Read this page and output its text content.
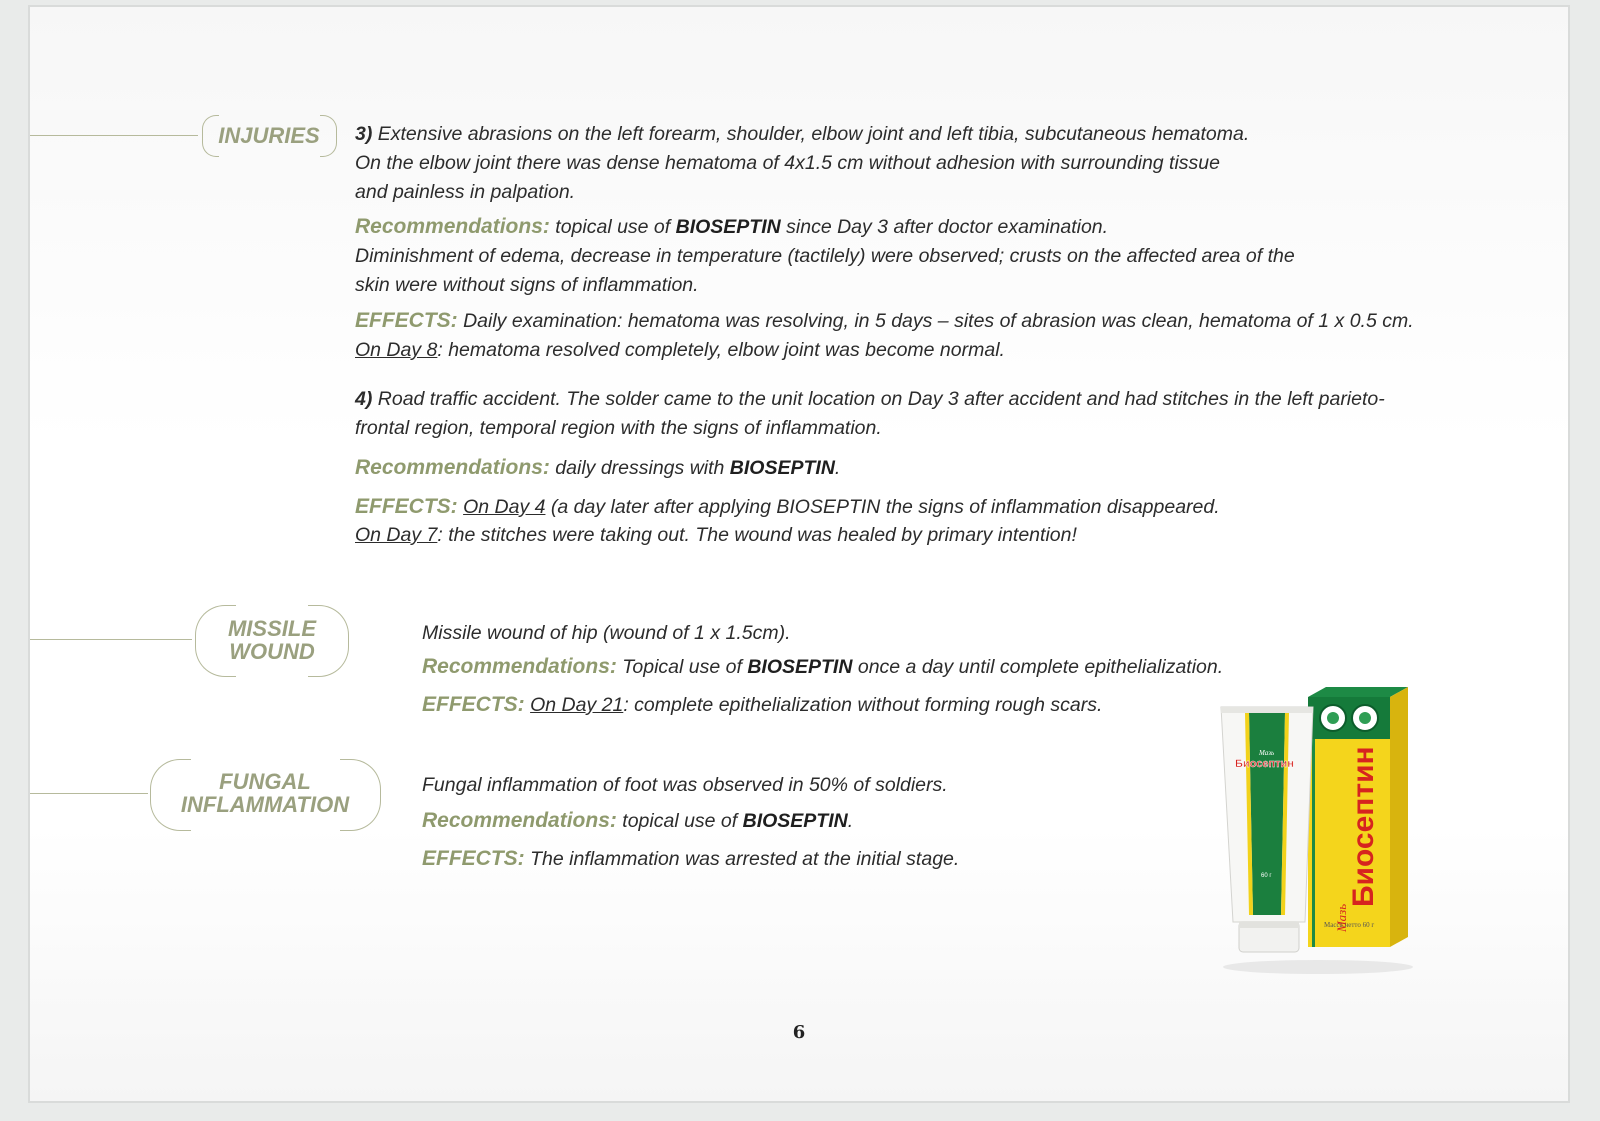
INJURIES	3) Extensive abrasions on the left forearm, shoulder, elbow joint and left tibia, subcutaneous hematoma.

On the elbow joint there was dense hematoma of 4x1.5 cm without adhesion with surrounding tissue

and painless in palpation.

Recommendations: topical use of BIOSEPTIN since Day 3 after doctor examination.

Diminishment of edema, decrease in temperature (tactilely) were observed; crusts on the affected area of the

skin were without signs of inflammation.

EFFECTS: Daily examination: hematoma was resolving, in 5 days – sites of abrasion was clean, hematoma of 1 x 0.5 cm.

On Day 8: hematoma resolved completely, elbow joint was become normal.

4) Road traffic accident. The solder came to the unit location on Day 3 after accident and had stitches in the left parieto-

frontal region, temporal region with the signs of inflammation.

Recommendations: daily dressings with BIOSEPTIN.

EFFECTS: On Day 4 (a day later after applying BIOSEPTIN the signs of inflammation disappeared.

On Day 7: the stitches were taking out. The wound was healed by primary intention!

MISSILE
WOUND

Missile wound of hip (wound of 1 x 1.5cm).

Recommendations: Topical use of BIOSEPTIN once a day until complete epithelialization.

EFFECTS: On Day 21: complete epithelialization without forming rough scars.

FUNGAL
INFLAMMATION

Fungal inflammation of foot was observed in 50% of soldiers.

Recommendations: topical use of BIOSEPTIN.

EFFECTS: The inflammation was arrested at the initial stage.	Биосептин
Мазь
Масса нетто 60 г
Мазь
Биосептин
60 г
6
